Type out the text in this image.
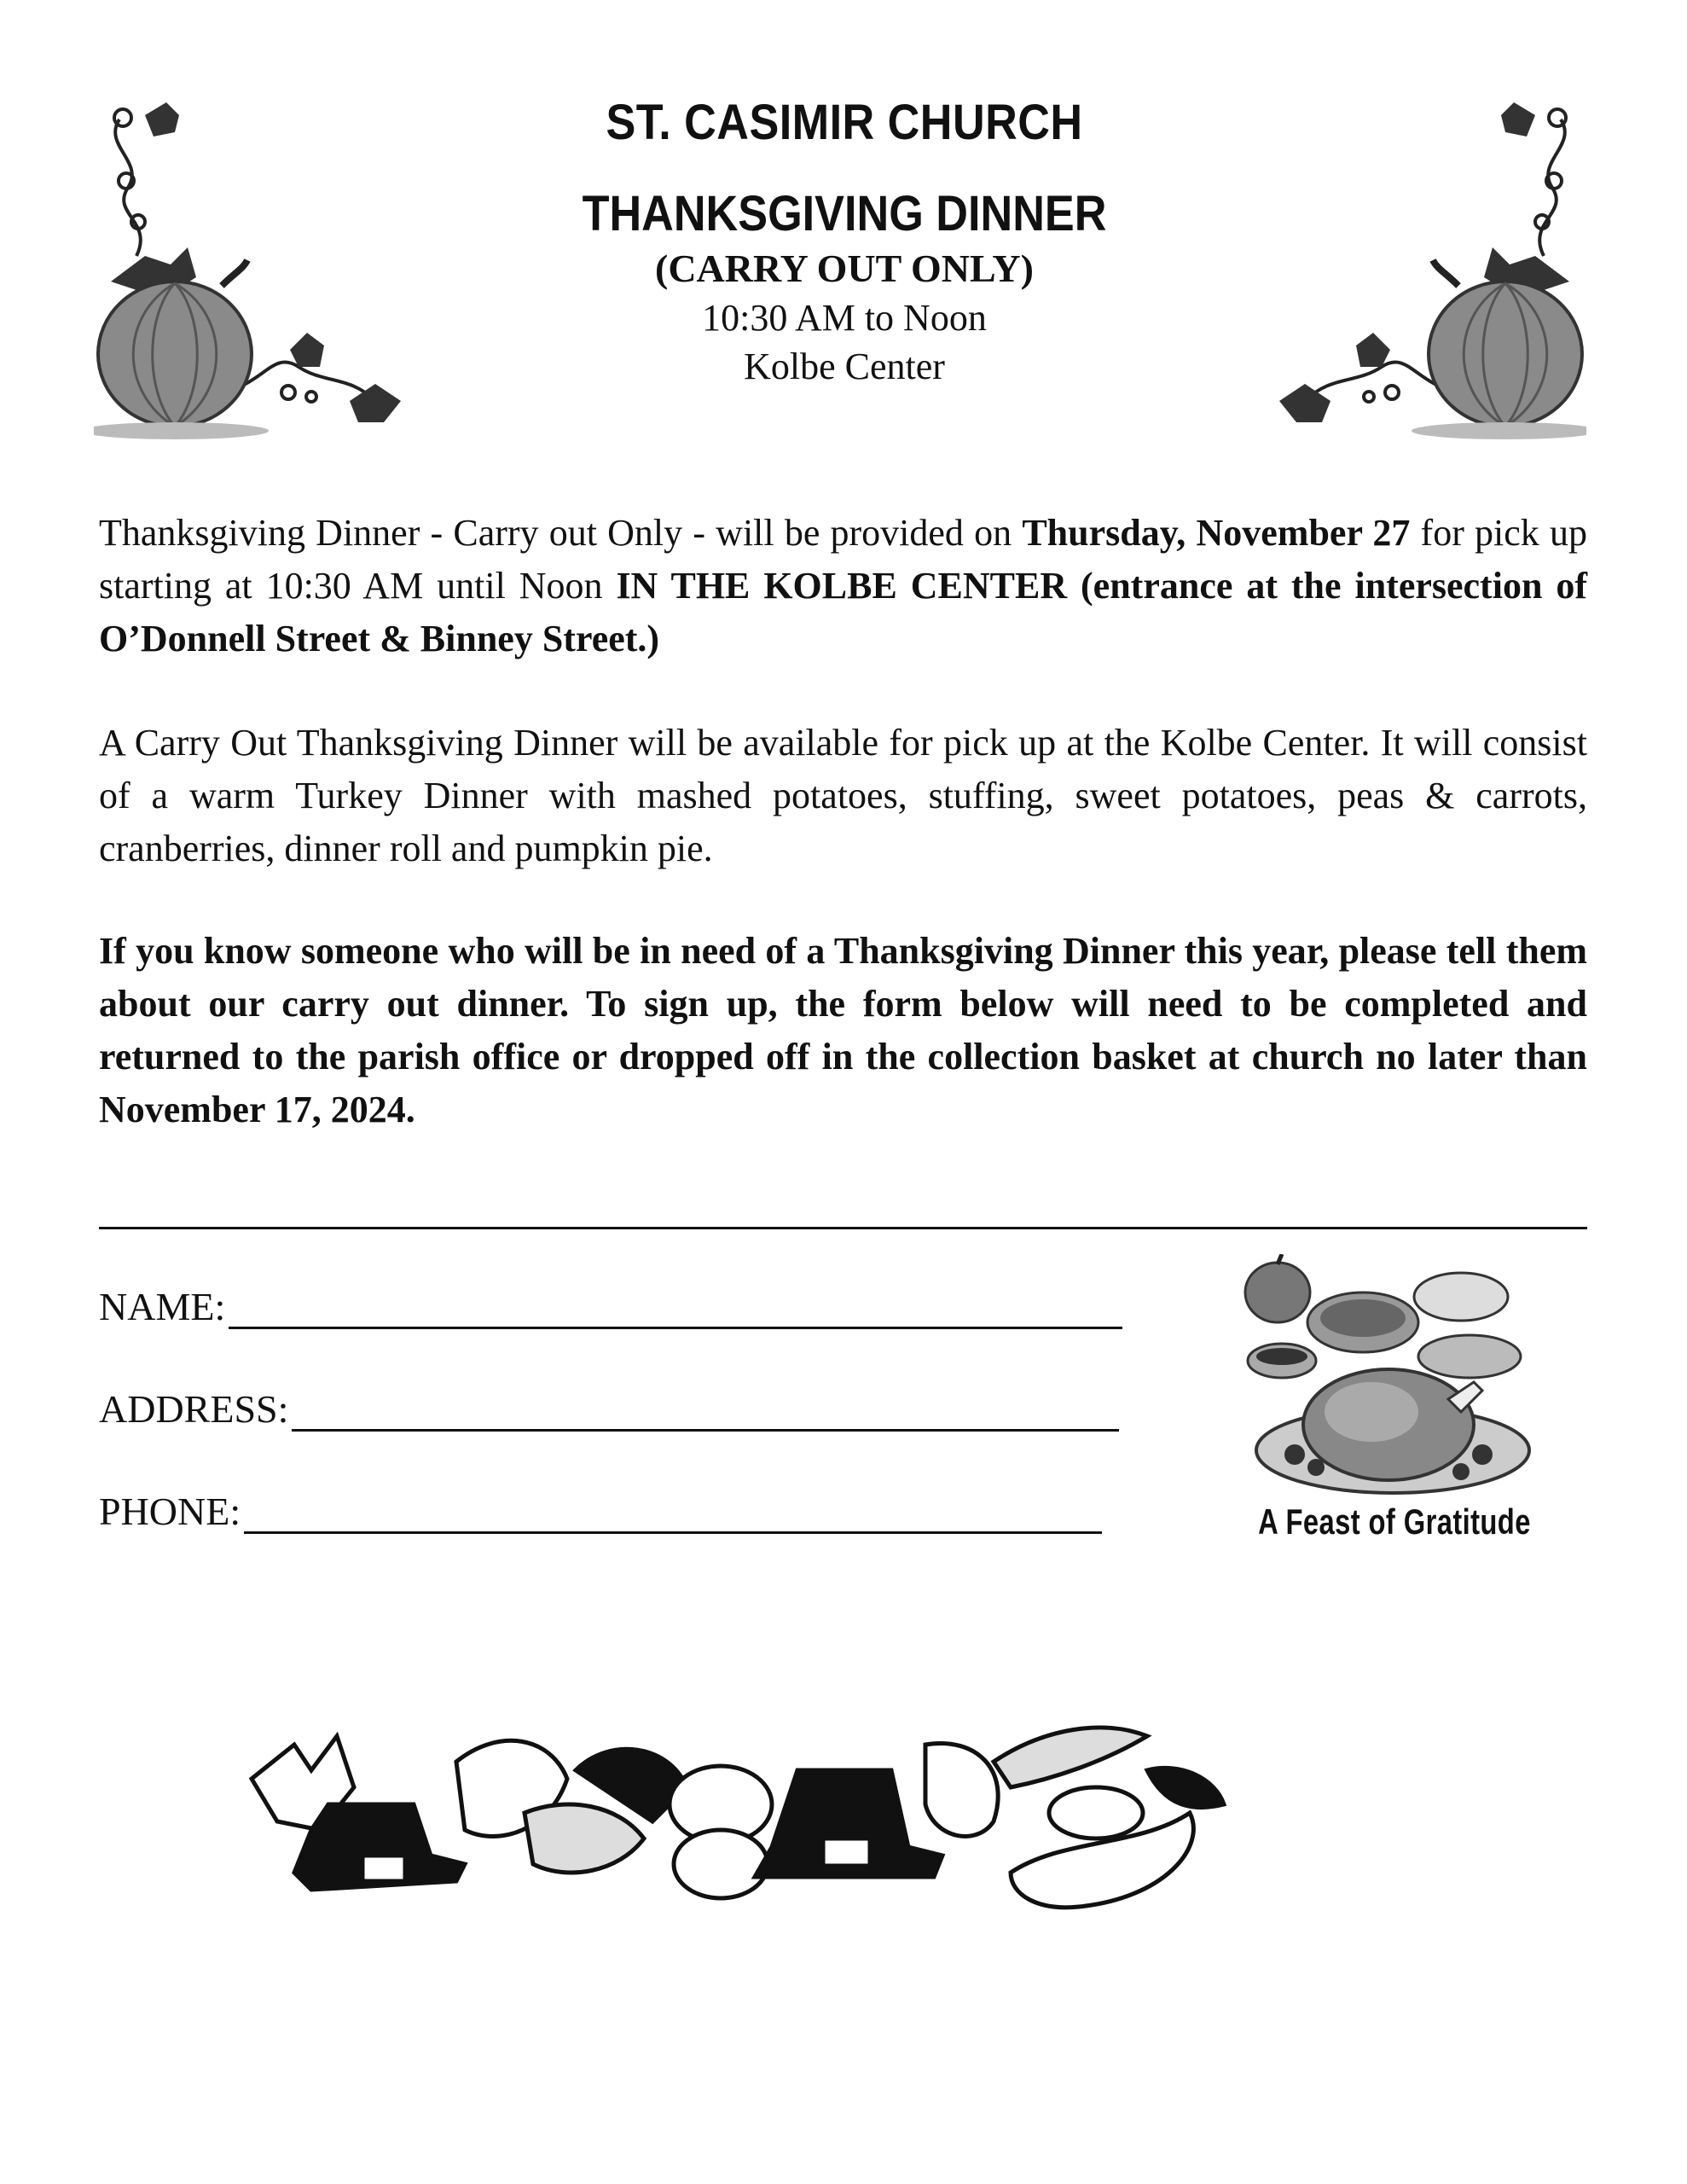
ST. CASIMIR CHURCH
THANKSGIVING DINNER
(CARRY OUT ONLY)
10:30 AM to Noon
Kolbe Center

Thanksgiving Dinner - Carry out Only - will be provided on Thursday, November 27 for pick up starting at 10:30 AM until Noon IN THE KOLBE CENTER (entrance at the intersection of O’Donnell Street & Binney Street.)

A Carry Out Thanksgiving Dinner will be available for pick up at the Kolbe Center. It will consist of a warm Turkey Dinner with mashed potatoes, stuffing, sweet potatoes, peas & carrots, cranberries, dinner roll and pumpkin pie.

If you know someone who will be in need of a Thanksgiving Dinner this year, please tell them about our carry out dinner. To sign up, the form below will need to be completed and returned to the parish office or dropped off in the collection basket at church no later than November 17, 2024.

NAME:
ADDRESS:
PHONE:	A Feast of Gratitude
